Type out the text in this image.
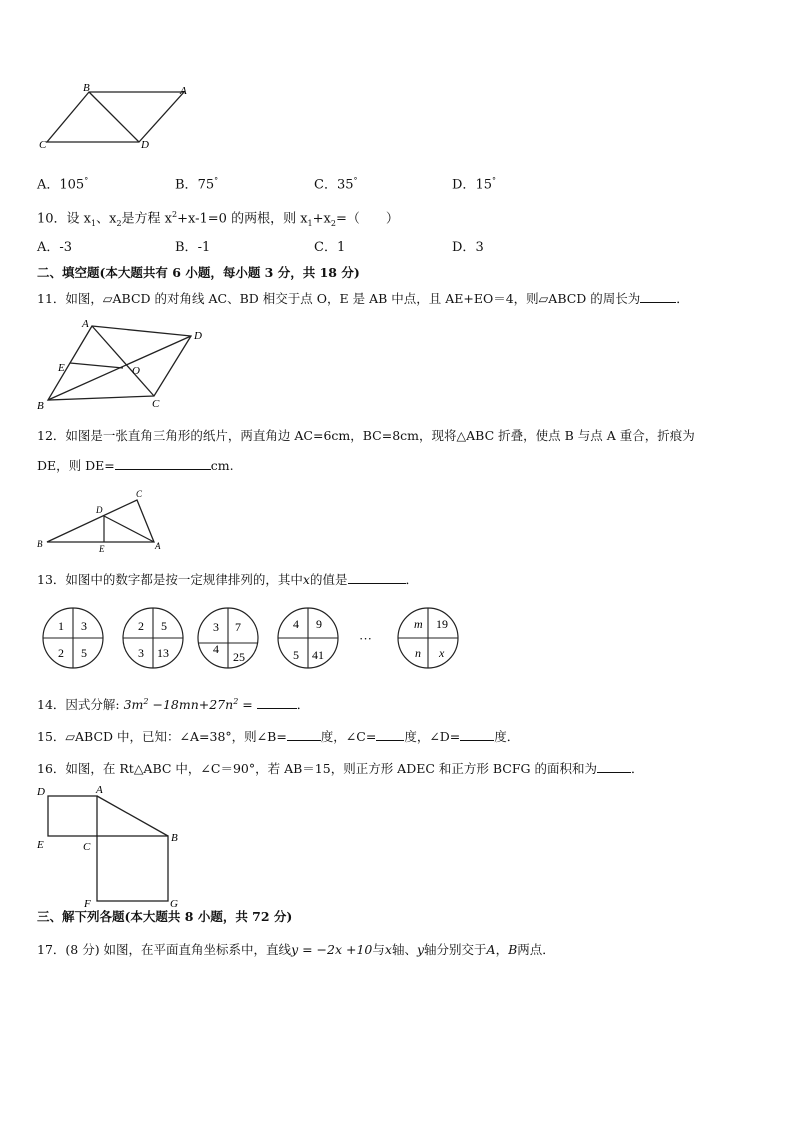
B	A
C	D
A．105°	B．75°	C．35°	D．15°
10．设 $x_1$、$x_2$是方程 $x^2+x-1=0$ 的两根，则 $x_1+x_2=$（　　）
A．-3	B．-1	C．1	D．3
二、填空题(本大题共有 6 小题，每小题 3 分，共 18 分)
11．如图，▱ABCD 的对角线 AC、BD 相交于点 O，E 是 AB 中点，且 AE+EO＝4，则▱ABCD 的周长为	．
A
D
E	O
B	C
12．如图是一张直角三角形的纸片，两直角边 AC=6cm，BC=8cm，现将△ABC 折叠，使点 B 与点 A 重合，折痕为
DE，则 DE=	cm.
C
D
B	E	A
13．如图中的数字都是按一定规律排列的，其中x的值是	．
1 3
2 5
2 5
3 13
3 7
4
25
4 9
5 41
···
m 19
n x
14．因式分解: $3m^2 -18mn+27n^2$ =	．
15．▱ABCD 中，已知：∠A=38°，则∠B=	度，∠C= 度，∠D=	度．
16．如图，在 Rt△ABC 中，∠C＝90°，若 AB＝15，则正方形 ADEC 和正方形 BCFG 的面积和为	．
D	A
E	C
B
F	G
三、解下列各题(本大题共 8 小题，共 72 分)
17．(8 分) 如图，在平面直角坐标系中，直线y = −2x +10与x轴、y轴分别交于A，B两点．
